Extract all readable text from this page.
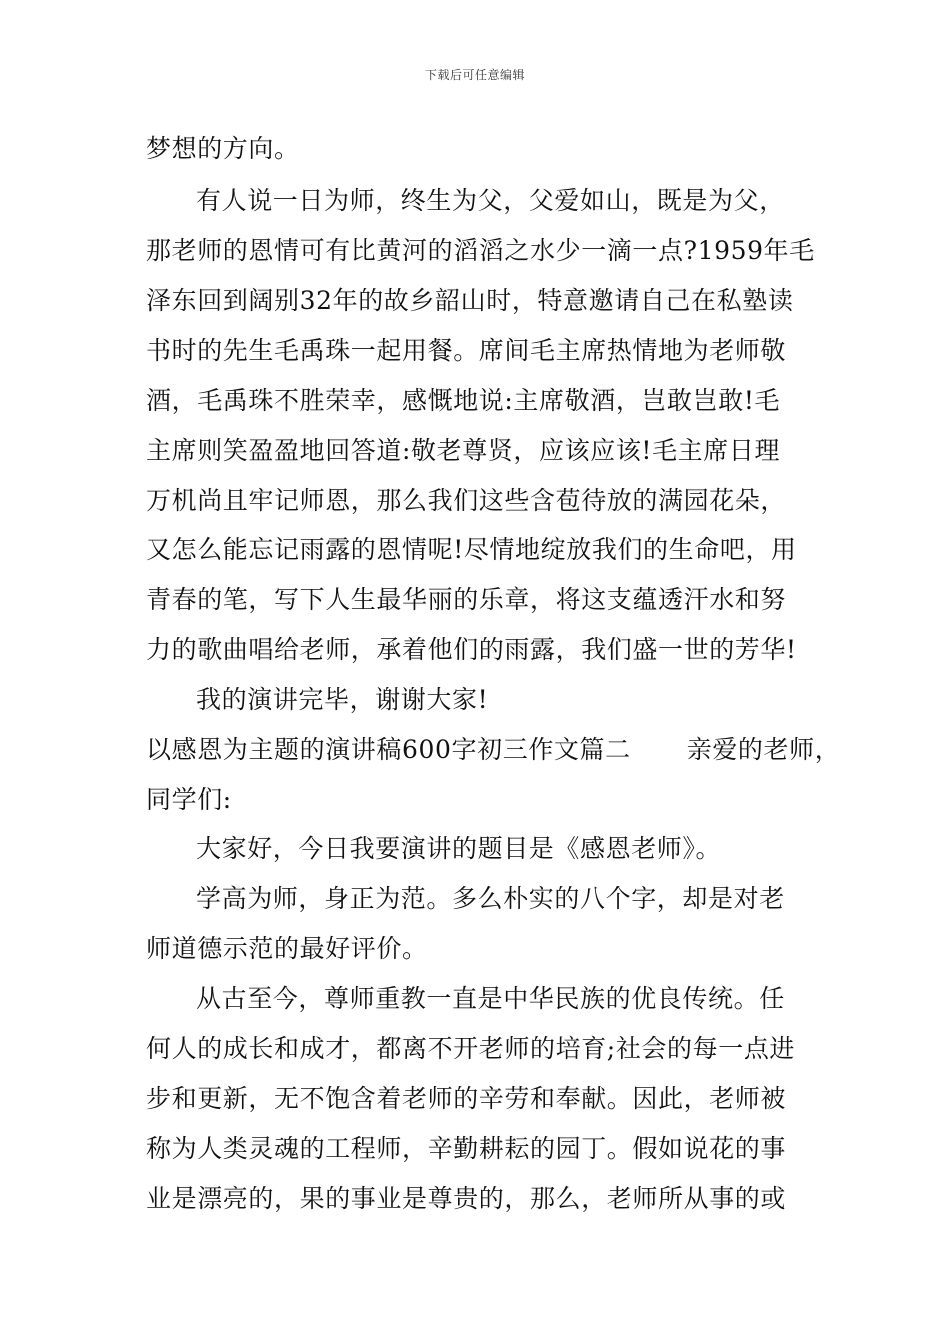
下载后可任意编辑
梦想的方向。
有人说一日为师，终生为父，父爱如山，既是为父，
那老师的恩情可有比黄河的滔滔之水少一滴一点?1959年毛
泽东回到阔别32年的故乡韶山时，特意邀请自己在私塾读
书时的先生毛禹珠一起用餐。席间毛主席热情地为老师敬
酒，毛禹珠不胜荣幸，感慨地说:主席敬酒，岂敢岂敢!毛
主席则笑盈盈地回答道:敬老尊贤，应该应该!毛主席日理
万机尚且牢记师恩，那么我们这些含苞待放的满园花朵，
又怎么能忘记雨露的恩情呢!尽情地绽放我们的生命吧，用
青春的笔，写下人生最华丽的乐章，将这支蕴透汗水和努
力的歌曲唱给老师，承着他们的雨露，我们盛一世的芳华!
我的演讲完毕，谢谢大家!
以感恩为主题的演讲稿600字初三作文篇二 亲爱的老师，
同学们:
大家好，今日我要演讲的题目是《感恩老师》。
学高为师，身正为范。多么朴实的八个字，却是对老
师道德示范的最好评价。
从古至今，尊师重教一直是中华民族的优良传统。任
何人的成长和成才，都离不开老师的培育;社会的每一点进
步和更新，无不饱含着老师的辛劳和奉献。因此，老师被
称为人类灵魂的工程师，辛勤耕耘的园丁。假如说花的事
业是漂亮的，果的事业是尊贵的，那么，老师所从事的或
